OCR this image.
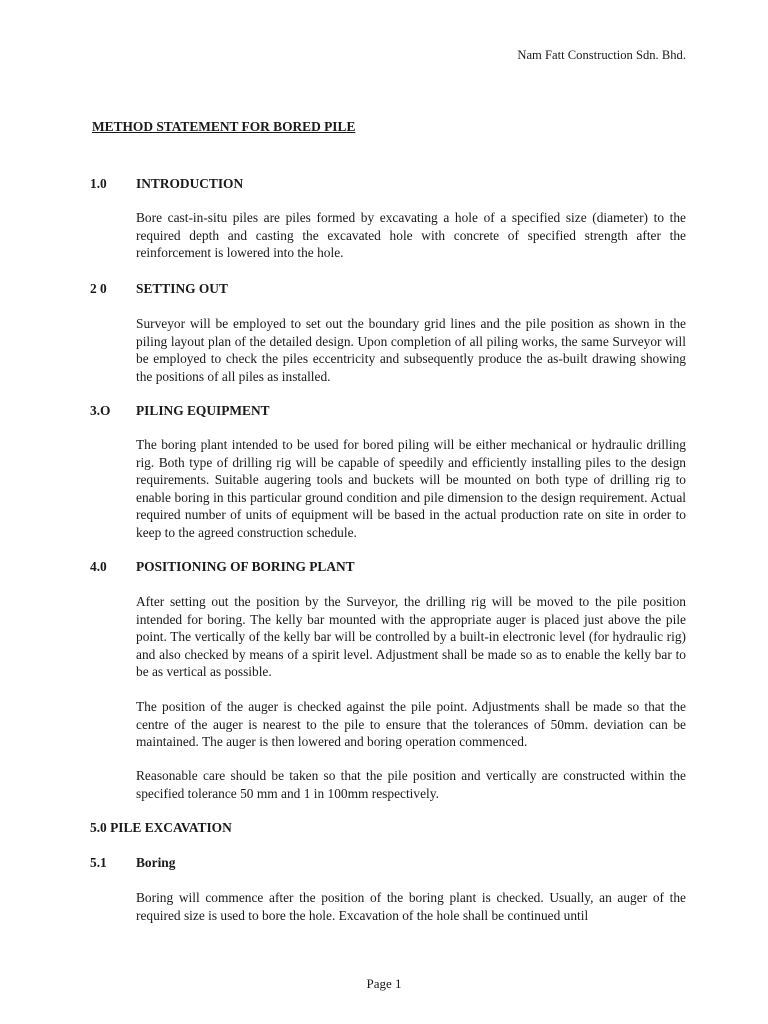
Nam Fatt Construction Sdn. Bhd.
METHOD STATEMENT FOR BORED PILE
1.0 INTRODUCTION
Bore cast-in-situ piles are piles formed by excavating a hole of a specified size (diameter) to the required depth and casting the excavated hole with concrete of specified strength after the reinforcement is lowered into the hole.
2 0 SETTING OUT
Surveyor will be employed to set out the boundary grid lines and the pile position as shown in the piling layout plan of the detailed design. Upon completion of all piling works, the same Surveyor will be employed to check the piles eccentricity and subsequently produce the as-built drawing showing the positions of all piles as installed.
3.O PILING EQUIPMENT
The boring plant intended to be used for bored piling will be either mechanical or hydraulic drilling rig. Both type of drilling rig will be capable of speedily and efficiently installing piles to the design requirements. Suitable augering tools and buckets will be mounted on both type of drilling rig to enable boring in this particular ground condition and pile dimension to the design requirement. Actual required number of units of equipment will be based in the actual production rate on site in order to keep to the agreed construction schedule.
4.0 POSITIONING OF BORING PLANT
After setting out the position by the Surveyor, the drilling rig will be moved to the pile position intended for boring. The kelly bar mounted with the appropriate auger is placed just above the pile point. The vertically of the kelly bar will be controlled by a built-in electronic level (for hydraulic rig) and also checked by means of a spirit level. Adjustment shall be made so as to enable the kelly bar to be as vertical as possible.
The position of the auger is checked against the pile point. Adjustments shall be made so that the centre of the auger is nearest to the pile to ensure that the tolerances of 50mm. deviation can be maintained. The auger is then lowered and boring operation commenced.
Reasonable care should be taken so that the pile position and vertically are constructed within the specified tolerance 50 mm and 1 in 100mm respectively.
5.0 PILE EXCAVATION
5.1 Boring
Boring will commence after the position of the boring plant is checked. Usually, an auger of the required size is used to bore the hole. Excavation of the hole shall be continued until
Page 1
